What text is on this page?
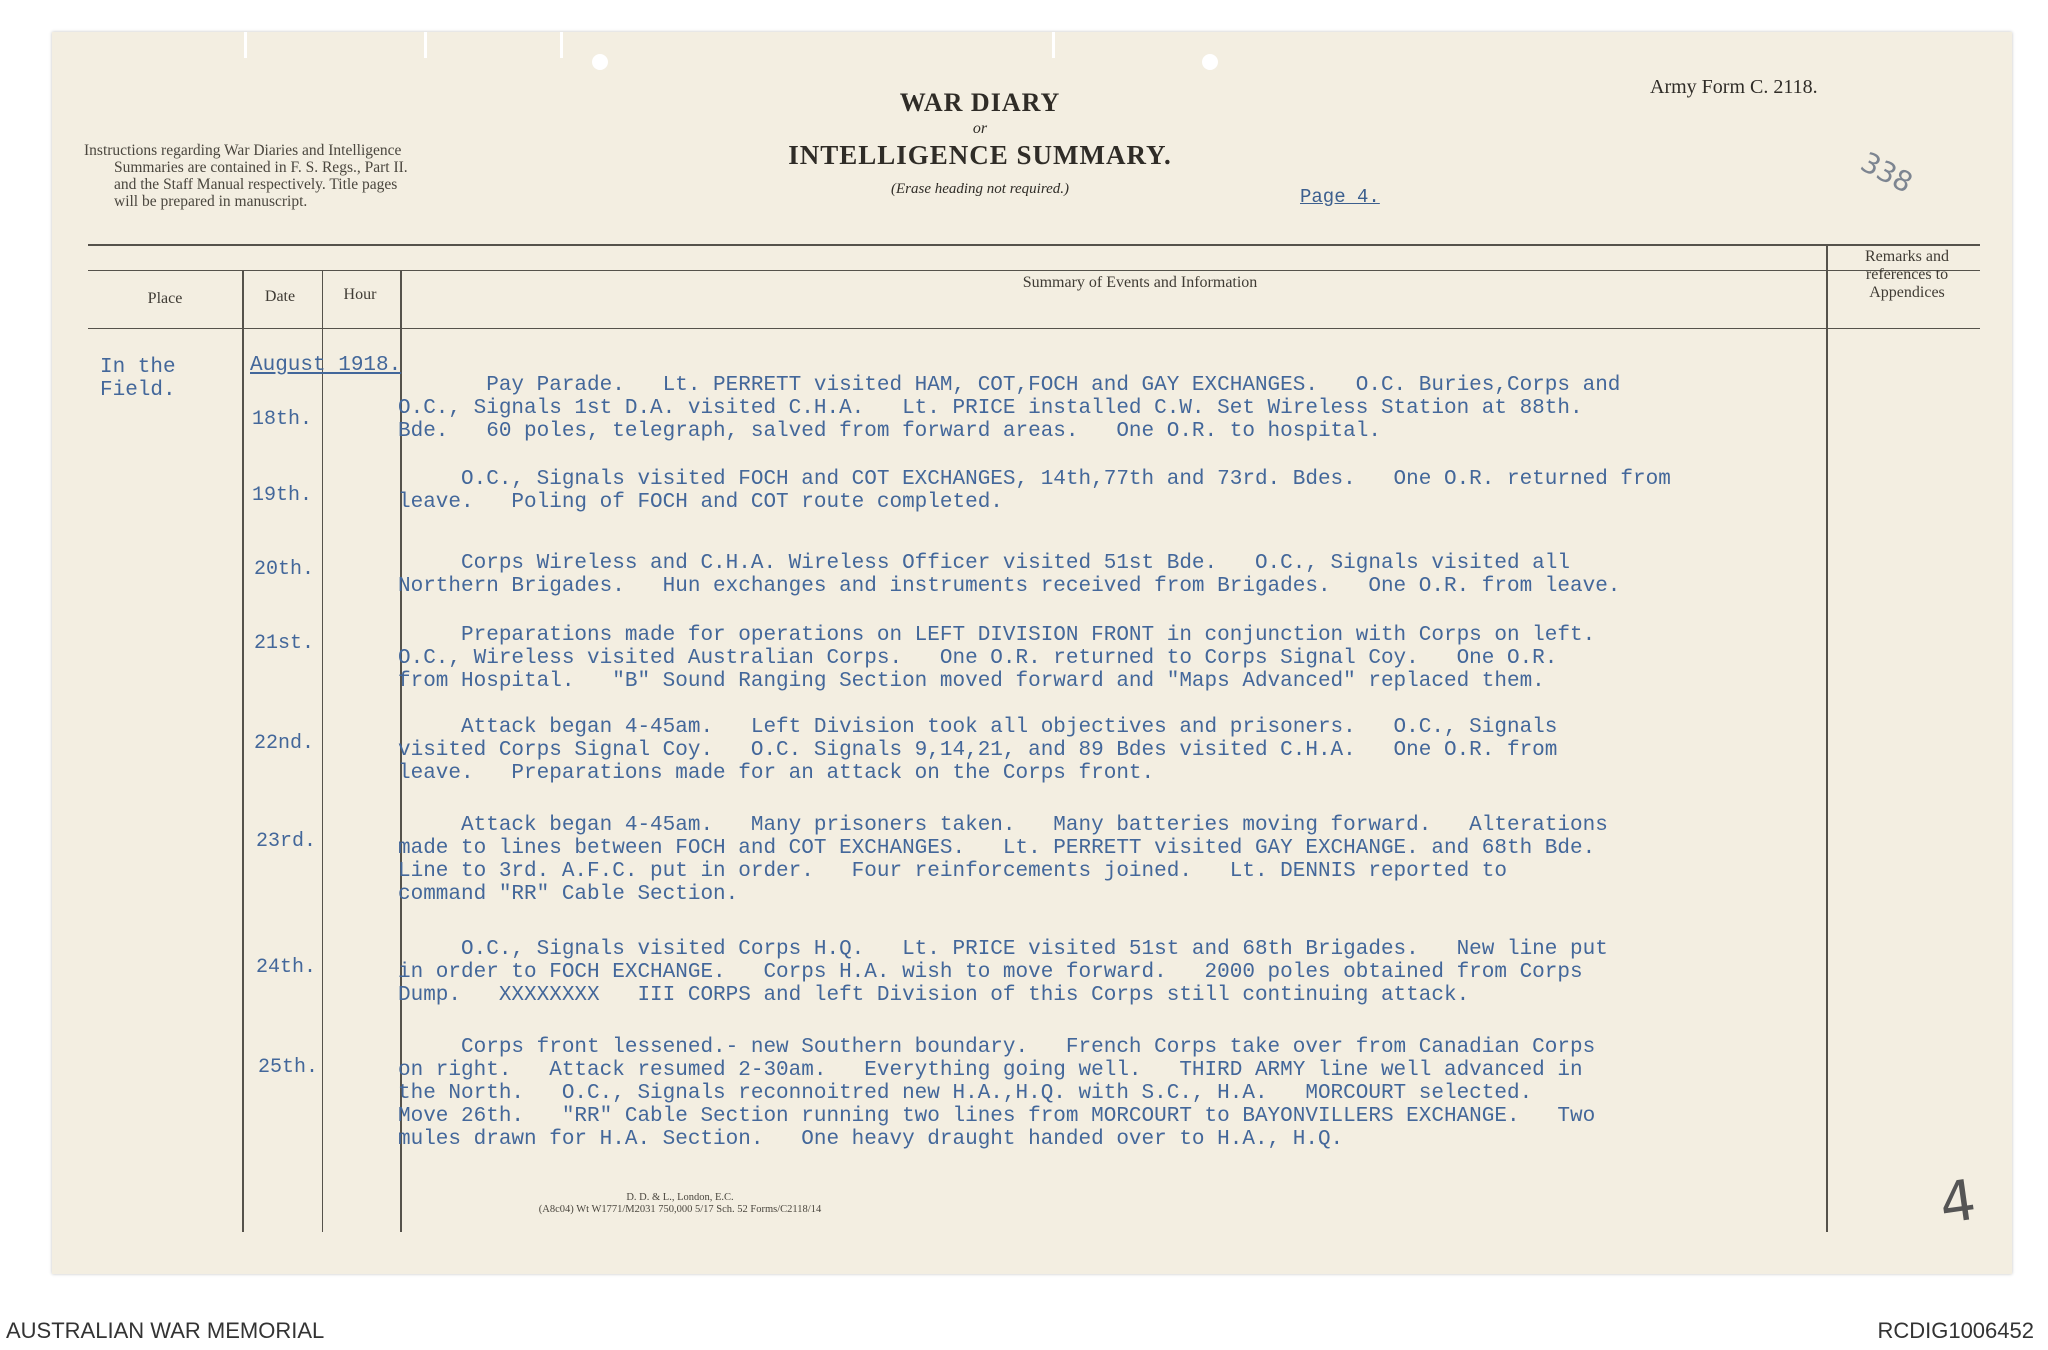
Instructions regarding War Diaries and Intelligence
Summaries are contained in F. S. Regs., Part II.
and the Staff Manual respectively. Title pages
will be prepared in manuscript.
WAR DIARY
or
INTELLIGENCE SUMMARY.
(Erase heading not required.)
Army Form C. 2118.
Page 4.	338
Place	Date	Hour
Summary of Events and Information
Remarks and references to Appendices
In the
Field.
August 1918.
18th.
Pay Parade.   Lt. PERRETT visited HAM, COT,FOCH and GAY EXCHANGES.   O.C. Buries,Corps and
O.C., Signals 1st D.A. visited C.H.A.   Lt. PRICE installed C.W. Set Wireless Station at 88th.
Bde.   60 poles, telegraph, salved from forward areas.   One O.R. to hospital.
19th.
O.C., Signals visited FOCH and COT EXCHANGES, 14th,77th and 73rd. Bdes.   One O.R. returned from
leave.   Poling of FOCH and COT route completed.
20th.	Corps Wireless and C.H.A. Wireless Officer visited 51st Bde.   O.C., Signals visited all
Northern Brigades.   Hun exchanges and instruments received from Brigades.   One O.R. from leave.
21st.	Preparations made for operations on LEFT DIVISION FRONT in conjunction with Corps on left.
O.C., Wireless visited Australian Corps.   One O.R. returned to Corps Signal Coy.   One O.R.
from Hospital.   "B" Sound Ranging Section moved forward and "Maps Advanced" replaced them.
22nd.
Attack began 4-45am.   Left Division took all objectives and prisoners.   O.C., Signals
visited Corps Signal Coy.   O.C. Signals 9,14,21, and 89 Bdes visited C.H.A.   One O.R. from
leave.   Preparations made for an attack on the Corps front.
23rd.
Attack began 4-45am.   Many prisoners taken.   Many batteries moving forward.   Alterations
made to lines between FOCH and COT EXCHANGES.   Lt. PERRETT visited GAY EXCHANGE. and 68th Bde.
Line to 3rd. A.F.C. put in order.   Four reinforcements joined.   Lt. DENNIS reported to
command "RR" Cable Section.
24th.
O.C., Signals visited Corps H.Q.   Lt. PRICE visited 51st and 68th Brigades.   New line put
in order to FOCH EXCHANGE.   Corps H.A. wish to move forward.   2000 poles obtained from Corps
Dump.   XXXXXXXX   III CORPS and left Division of this Corps still continuing attack.
25th.
Corps front lessened.- new Southern boundary.   French Corps take over from Canadian Corps
on right.   Attack resumed 2-30am.   Everything going well.   THIRD ARMY line well advanced in
the North.   O.C., Signals reconnoitred new H.A.,H.Q. with S.C., H.A.   MORCOURT selected.
Move 26th.   "RR" Cable Section running two lines from MORCOURT to BAYONVILLERS EXCHANGE.   Two
mules drawn for H.A. Section.   One heavy draught handed over to H.A., H.Q.
D. D. & L., London, E.C.
(A8c04) Wt W1771/M2031 750,000 5/17 Sch. 52 Forms/C2118/14	4
AUSTRALIAN WAR MEMORIAL	RCDIG1006452
